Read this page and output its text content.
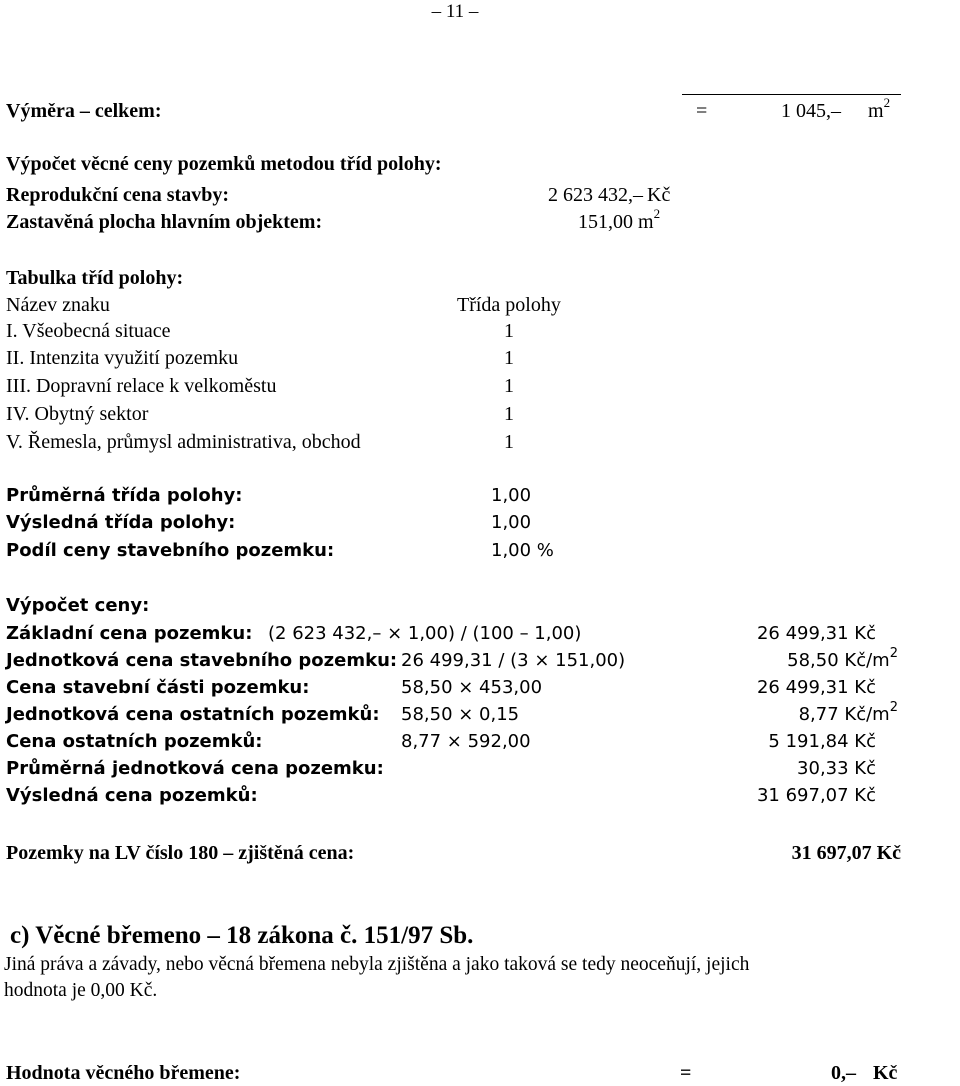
– 11 –
Výměra – celkem:	=	1 045,– $m^2$
Výpočet věcné ceny pozemků metodou tříd polohy:
Reprodukční cena stavby:	2 623 432,– Kč
Zastavěná plocha hlavním objektem:	151,00 $m^2$
Tabulka tříd polohy:
Název znaku	Třída polohy
I. Všeobecná situace	1
II. Intenzita využití pozemku	1
III. Dopravní relace k velkoměstu	1
IV. Obytný sektor	1
V. Řemesla, průmysl administrativa, obchod	1
Průměrná třída polohy:	1,00
Výsledná třída polohy:	1,00
Podíl ceny stavebního pozemku:	1,00 %
Výpočet ceny:
Základní cena pozemku: (2 623 432,– × 1,00) / (100 – 1,00)	26 499,31 Kč
Jednotková cena stavebního pozemku: 26 499,31 / (3 × 151,00)	58,50 $Kč/m^2$
Cena stavební části pozemku:	58,50 × 453,00	26 499,31 Kč
Jednotková cena ostatních pozemků: 58,50 × 0,15	8,77 $Kč/m^2$
Cena ostatních pozemků:	8,77 × 592,00	5 191,84 Kč
Průměrná jednotková cena pozemku:	30,33 Kč
Výsledná cena pozemků:	31 697,07 Kč
Pozemky na LV číslo 180 – zjištěná cena:	31 697,07 Kč
c) Věcné břemeno – 18 zákona č. 151/97 Sb.
Jiná práva a závady, nebo věcná břemena nebyla zjištěna a jako taková se tedy neoceňují, jejich
hodnota je 0,00 Kč.
Hodnota věcného břemene:	=	0,– Kč
